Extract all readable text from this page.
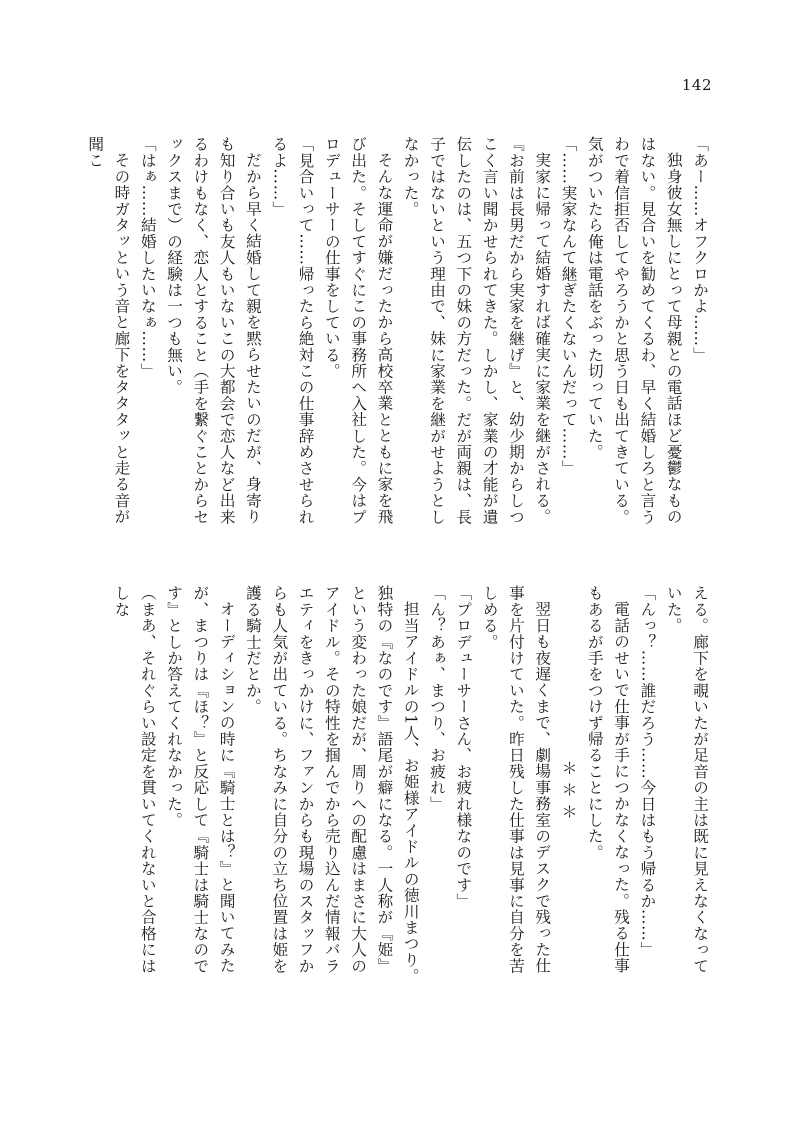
142

「あー……オフクロかよ……」

独身彼女無しにとって母親との電話ほど憂鬱なものはない。見合いを勧めてくるわ、早く結婚しろと言うわで着信拒否してやろうかと思う日も出てきている。気がついたら俺は電話をぶった切っていた。

「……実家なんて継ぎたくないんだって……」

実家に帰って結婚すれば確実に家業を継がされる。『お前は長男だから実家を継げ』と、幼少期からしつこく言い聞かせられてきた。しかし、家業の才能が遺伝したのは、五つ下の妹の方だった。だが両親は、長子ではないという理由で、妹に家業を継がせようとしなかった。

そんな運命が嫌だったから高校卒業とともに家を飛び出た。そしてすぐにこの事務所へ入社した。今はプロデューサーの仕事をしている。

「見合いって……帰ったら絶対この仕事辞めさせられるよ……」

だから早く結婚して親を黙らせたいのだが、身寄りも知り合いも友人もいないこの大都会で恋人など出来るわけもなく、恋人とすること（手を繋ぐことからセックスまで）の経験は一つも無い。

「はぁ……結婚したいなぁ……」

その時ガタッという音と廊下をタタタッと走る音が聞こ

える。廊下を覗いたが足音の主は既に見えなくなっていた。

「んっ？……誰だろう……今日はもう帰るか……」

電話のせいで仕事が手につかなくなった。残る仕事もあるが手をつけず帰ることにした。

＊＊＊

翌日も夜遅くまで、劇場事務室のデスクで残った仕事を片付けていた。昨日残した仕事は見事に自分を苦しめる。

「プロデューサーさん、お疲れ様なのです」

「ん？あぁ、まつり、お疲れ」

担当アイドルの1人、お姫様アイドルの徳川まつり。独特の『なのです』語尾が癖になる。一人称が『姫』という変わった娘だが、周りへの配慮はまさに大人のアイドル。その特性を掴んでから売り込んだ情報バラエティをきっかけに、ファンからも現場のスタッフからも人気が出ている。ちなみに自分の立ち位置は姫を護る騎士だとか。

オーディションの時に『騎士とは？』と聞いてみたが、まつりは『ほ？』と反応して『騎士は騎士なのです』としか答えてくれなかった。

（まあ、それぐらい設定を貫いてくれないと合格にはしな
